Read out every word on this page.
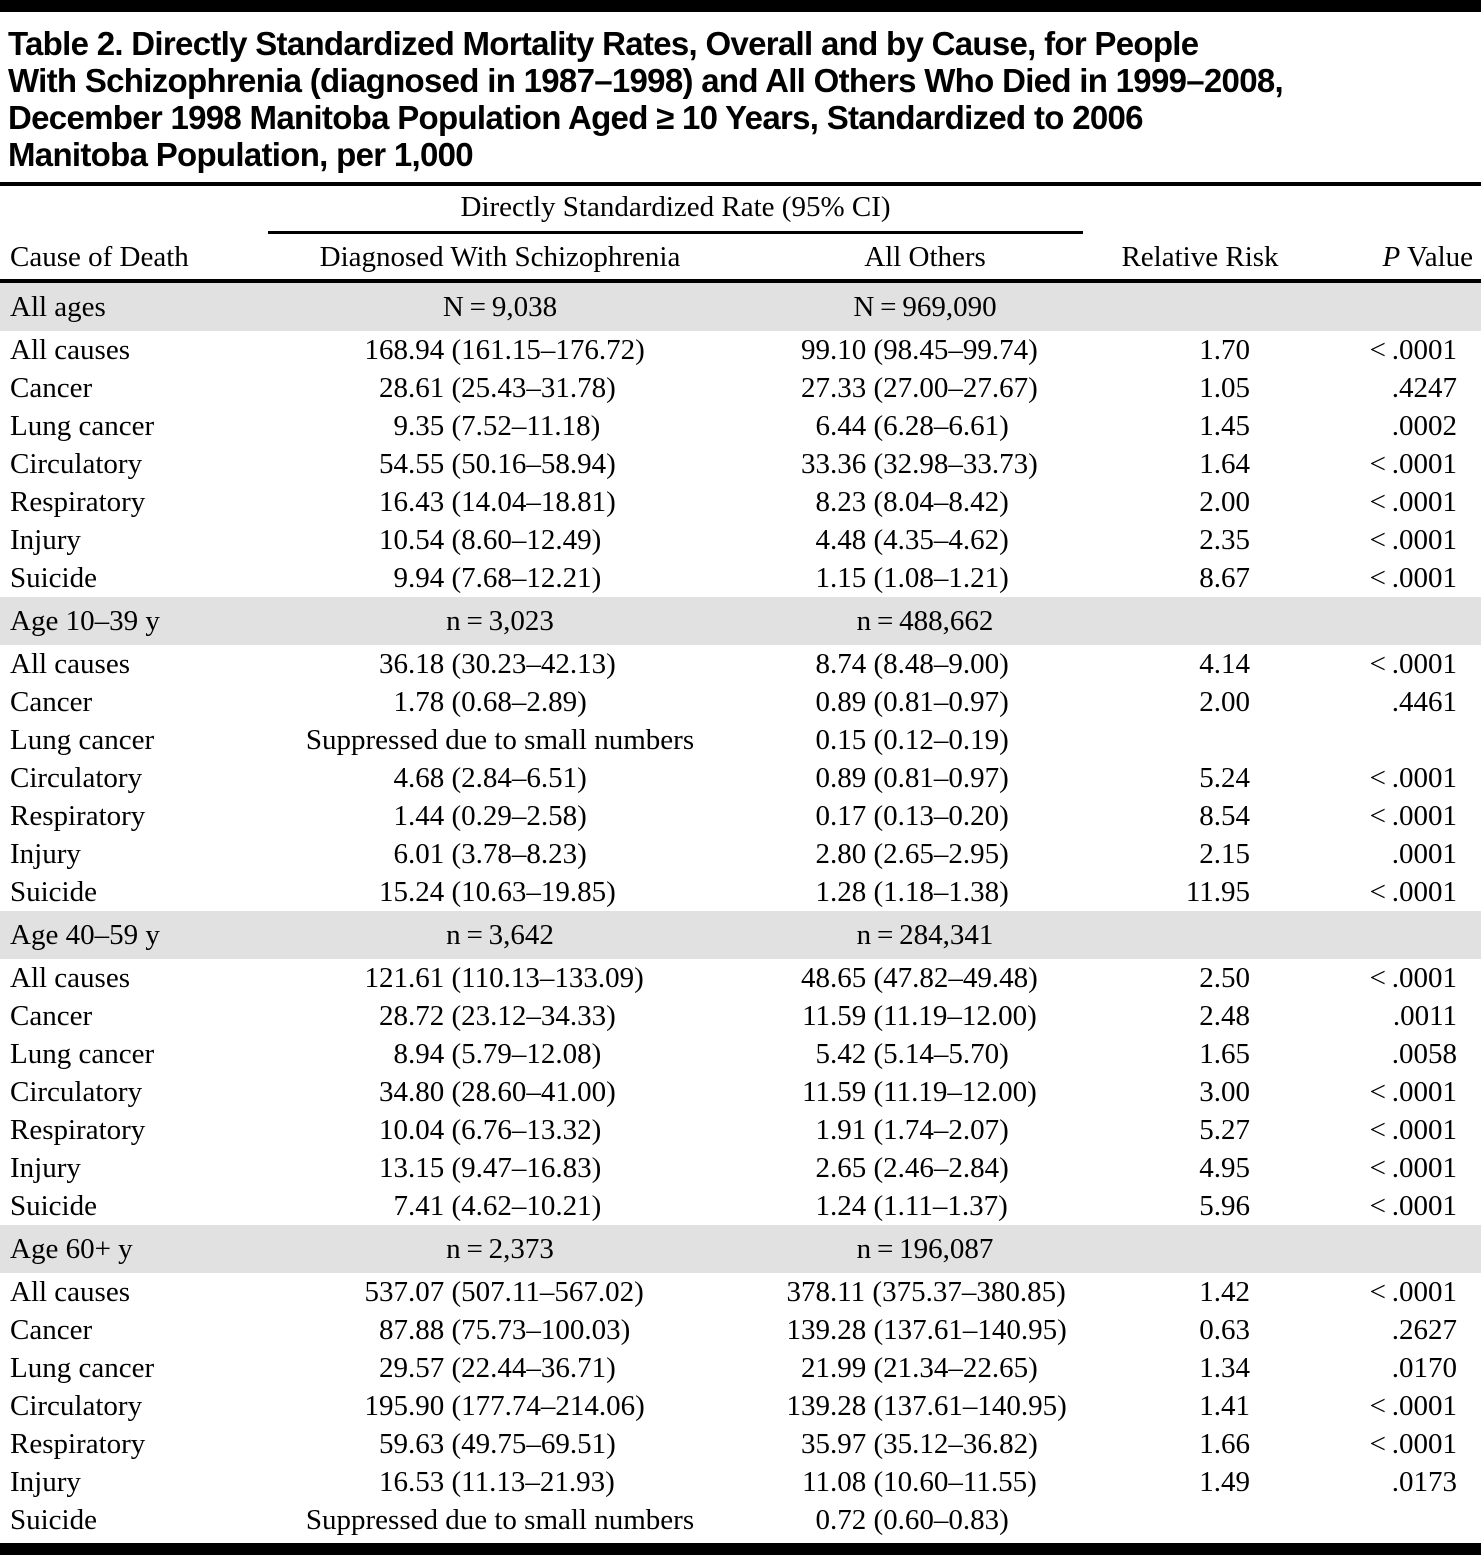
Table 2. Directly Standardized Mortality Rates, Overall and by Cause, for People
With Schizophrenia (diagnosed in 1987–1998) and All Others Who Died in 1999–2008,
December 1998 Manitoba Population Aged ≥ 10 Years, Standardized to 2006
Manitoba Population, per 1,000

	Directly Standardized Rate (95% CI)			

Cause of Death	Diagnosed With Schizophrenia	All Others	Relative Risk	P Value
All ages	N = 9,038	N = 969,090		
All causes	168.94 (161.15–176.72)	99.10 (98.45–99.74)	1.70	< .0001
Cancer	28.61 (25.43–31.78)	27.33 (27.00–27.67)	1.05	.4247
Lung cancer	9.35 (7.52–11.18)	6.44 (6.28–6.61)	1.45	.0002
Circulatory	54.55 (50.16–58.94)	33.36 (32.98–33.73)	1.64	< .0001
Respiratory	16.43 (14.04–18.81)	8.23 (8.04–8.42)	2.00	< .0001
Injury	10.54 (8.60–12.49)	4.48 (4.35–4.62)	2.35	< .0001
Suicide	9.94 (7.68–12.21)	1.15 (1.08–1.21)	8.67	< .0001
Age 10–39 y	n = 3,023	n = 488,662		
All causes	36.18 (30.23–42.13)	8.74 (8.48–9.00)	4.14	< .0001
Cancer	1.78 (0.68–2.89)	0.89 (0.81–0.97)	2.00	.4461
Lung cancer	Suppressed due to small numbers	0.15 (0.12–0.19)		
Circulatory	4.68 (2.84–6.51)	0.89 (0.81–0.97)	5.24	< .0001
Respiratory	1.44 (0.29–2.58)	0.17 (0.13–0.20)	8.54	< .0001
Injury	6.01 (3.78–8.23)	2.80 (2.65–2.95)	2.15	.0001
Suicide	15.24 (10.63–19.85)	1.28 (1.18–1.38)	11.95	< .0001
Age 40–59 y	n = 3,642	n = 284,341		
All causes	121.61 (110.13–133.09)	48.65 (47.82–49.48)	2.50	< .0001
Cancer	28.72 (23.12–34.33)	11.59 (11.19–12.00)	2.48	.0011
Lung cancer	8.94 (5.79–12.08)	5.42 (5.14–5.70)	1.65	.0058
Circulatory	34.80 (28.60–41.00)	11.59 (11.19–12.00)	3.00	< .0001
Respiratory	10.04 (6.76–13.32)	1.91 (1.74–2.07)	5.27	< .0001
Injury	13.15 (9.47–16.83)	2.65 (2.46–2.84)	4.95	< .0001
Suicide	7.41 (4.62–10.21)	1.24 (1.11–1.37)	5.96	< .0001
Age 60+ y	n = 2,373	n = 196,087		
All causes	537.07 (507.11–567.02)	378.11 (375.37–380.85)	1.42	< .0001
Cancer	87.88 (75.73–100.03)	139.28 (137.61–140.95)	0.63	.2627
Lung cancer	29.57 (22.44–36.71)	21.99 (21.34–22.65)	1.34	.0170
Circulatory	195.90 (177.74–214.06)	139.28 (137.61–140.95)	1.41	< .0001
Respiratory	59.63 (49.75–69.51)	35.97 (35.12–36.82)	1.66	< .0001
Injury	16.53 (11.13–21.93)	11.08 (10.60–11.55)	1.49	.0173
Suicide	Suppressed due to small numbers	0.72 (0.60–0.83)		
